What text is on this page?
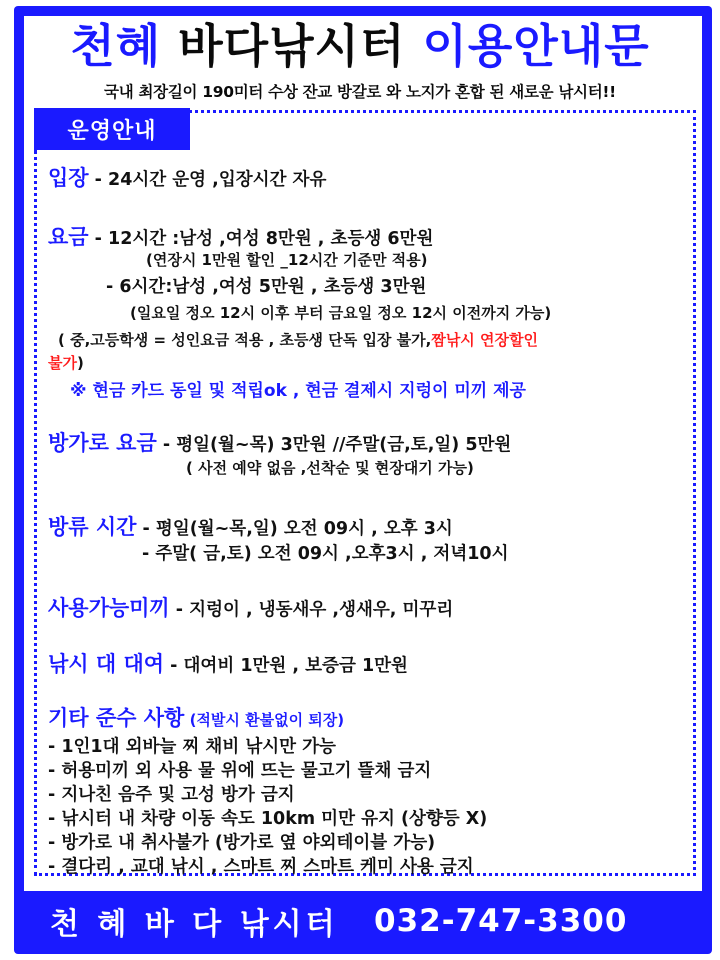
천혜 바다낚시터 이용안내문
국내 최장길이 190미터 수상 잔교 방갈로 와 노지가 혼합 된 새로운 낚시터!!
운영안내
입장 - 24시간 운영 ,입장시간 자유
요금 - 12시간 :남성 ,여성 8만원 , 초등생 6만원
(연장시 1만원 할인 _12시간 기준만 적용)
- 6시간:남성 ,여성 5만원 , 초등생 3만원
(일요일 정오 12시 이후 부터 금요일 정오 12시 이전까지 가능)
( 중,고등학생 = 성인요금 적용 , 초등생 단독 입장 불가,짬낚시 연장할인
불가)
※ 현금 카드 동일 및 적립ok , 현금 결제시 지렁이 미끼 제공
방가로 요금 - 평일(월~목) 3만원 //주말(금,토,일) 5만원
( 사전 예약 없음 ,선착순 및 현장대기 가능)
방류 시간 - 평일(월~목,일) 오전 09시 , 오후 3시
- 주말( 금,토) 오전 09시 ,오후3시 , 저녁10시
사용가능미끼 - 지렁이 , 냉동새우 ,생새우, 미꾸리
낚시 대 대여 - 대여비 1만원 , 보증금 1만원
기타 준수 사항 (적발시 환불없이 퇴장)
- 1인1대 외바늘 찌 채비 낚시만 가능
- 허용미끼 외 사용 물 위에 뜨는 물고기 뜰채 금지
- 지나친 음주 및 고성 방가 금지
- 낚시터 내 차량 이동 속도 10km 미만 유지 (상향등 X)
- 방가로 내 취사불가 (방가로 옆 야외테이블 가능)
- 결다리 , 교대 낚시 , 스마트 찌 스마트 케미 사용 금지
천 혜 바 다 낚시터 032-747-3300
